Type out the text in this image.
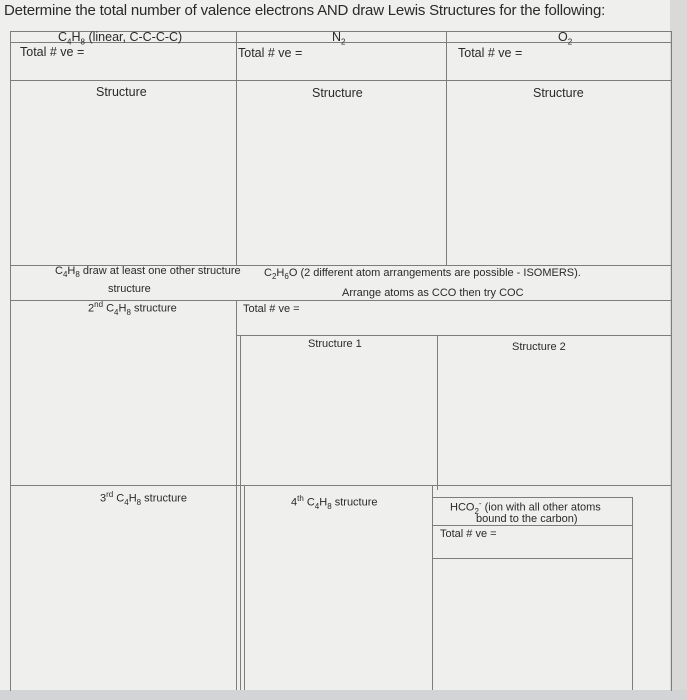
Determine the total number of valence electrons AND draw Lewis Structures for the following:
$C_4H_8$ (linear, C-C-C-C)	$N_2$	$O_2$
Total # ve =	Total # ve =	Total # ve =
Structure	Structure	Structure
$C_4H_8$ draw at least one other structure
structure
2nd $C_4H_8$ structure
$C_2H_6O$ (2 different atom arrangements are possible - ISOMERS).
Arrange atoms as CCO then try COC
Total # ve =
Structure 1	Structure 2
3rd $C_4H_8$ structure	4th $C_4H_8$ structure	$HCO_2^-$ (ion with all other atoms
bound to the carbon)
Total # ve =
